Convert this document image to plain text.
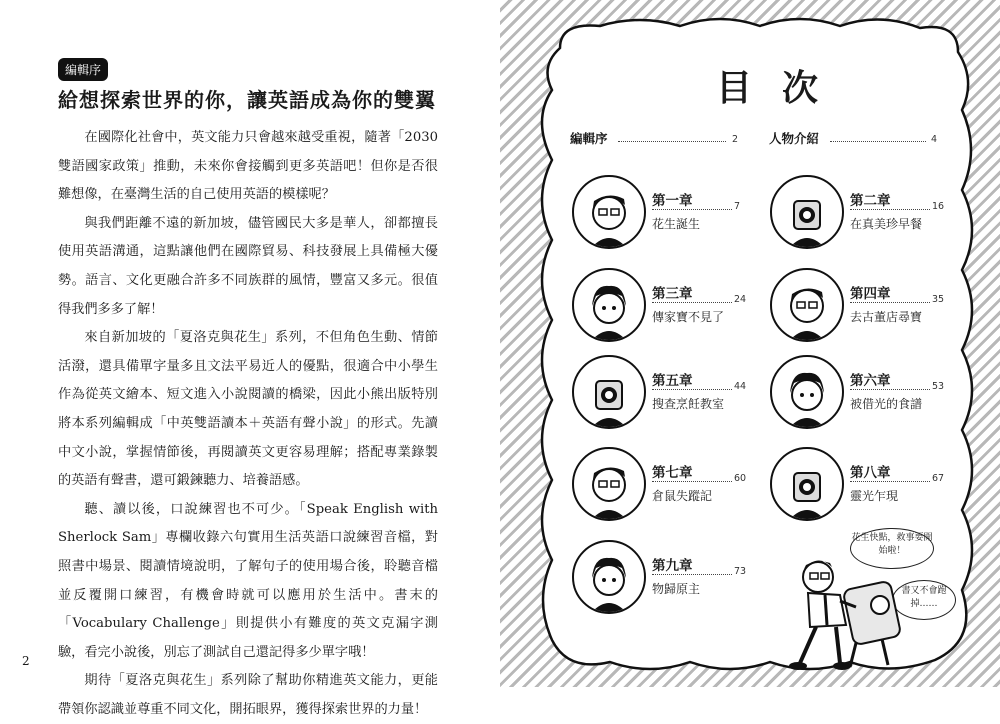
編輯序
給想探索世界的你，讓英語成為你的雙翼

在國際化社會中，英文能力只會越來越受重視，隨著「2030雙語國家政策」推動，未來你會接觸到更多英語吧！但你是否很難想像，在臺灣生活的自己使用英語的模樣呢？

與我們距離不遠的新加坡，儘管國民大多是華人，卻都擅長使用英語溝通，這點讓他們在國際貿易、科技發展上具備極大優勢。語言、文化更融合許多不同族群的風情，豐富又多元。很值得我們多多了解！

來自新加坡的「夏洛克與花生」系列，不但角色生動、情節活潑，還具備單字量多且文法平易近人的優點，很適合中小學生作為從英文繪本、短文進入小說閱讀的橋梁，因此小熊出版特別將本系列編輯成「中英雙語讀本＋英語有聲小說」的形式。先讀中文小說，掌握情節後，再閱讀英文更容易理解；搭配專業錄製的英語有聲書，還可鍛鍊聽力、培養語感。

聽、讀以後，口說練習也不可少。「Speak English with Sherlock Sam」專欄收錄六句實用生活英語口說練習音檔，對照書中場景、閱讀情境說明，了解句子的使用場合後，聆聽音檔並反覆開口練習，有機會時就可以應用於生活中。書末的「Vocabulary Challenge」則提供小有難度的英文克漏字測驗，看完小說後，別忘了測試自己還記得多少單字哦！

期待「夏洛克與花生」系列除了幫助你精進英文能力，更能帶領你認識並尊重不同文化，開拓眼界，獲得探索世界的力量！

2
目次
編輯序	2 人物介紹	4
第一章	7
花生誕生
第二章	16
在真美珍早餐
第三章	24
傳家寶不見了
第四章	35
去古董店尋寶
第五章	44
搜查烹飪教室
第六章	53
被借光的食譜
第七章	60
倉鼠失蹤記
第八章	67
靈光乍現
第九章	73
物歸原主
花生快點，救事要開始啦！
書又不會跑掉……
